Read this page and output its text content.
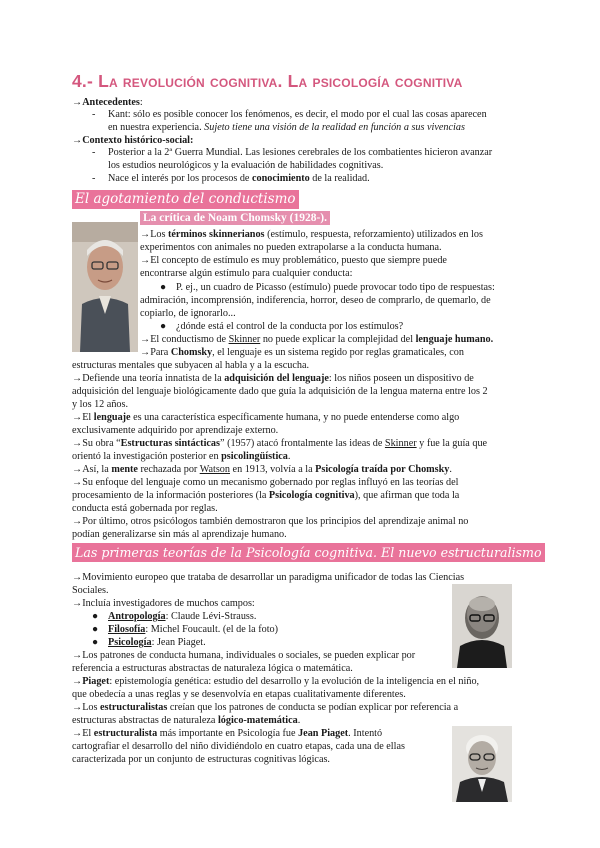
4.- La revolución cognitiva. La psicología cognitiva
→Antecedentes:
- Kant: sólo es posible conocer los fenómenos, es decir, el modo por el cual las cosas aparecen
en nuestra experiencia. Sujeto tiene una visión de la realidad en función a sus vivencias
→Contexto histórico-social:
- Posterior a la 2ª Guerra Mundial. Las lesiones cerebrales de los combatientes hicieron avanzar
los estudios neurológicos y la evaluación de habilidades cognitivas.
- Nace el interés por los procesos de conocimiento de la realidad.
El agotamiento del conductismo
La crítica de Noam Chomsky (1928-).
→Los términos skinnerianos (estímulo, respuesta, reforzamiento) utilizados en los
experimentos con animales no pueden extrapolarse a la conducta humana.
→El concepto de estímulo es muy problemático, puesto que siempre puede
encontrarse algún estímulo para cualquier conducta:
● P. ej., un cuadro de Picasso (estímulo) puede provocar todo tipo de respuestas:
admiración, incomprensión, indiferencia, horror, deseo de comprarlo, de quemarlo, de
copiarlo, de ignorarlo...
● ¿dónde está el control de la conducta por los estímulos?
→El conductismo de Skinner no puede explicar la complejidad del lenguaje humano.
→Para Chomsky, el lenguaje es un sistema regido por reglas gramaticales, con
estructuras mentales que subyacen al habla y a la escucha.
→Defiende una teoría innatista de la adquisición del lenguaje: los niños poseen un dispositivo de
adquisición del lenguaje biológicamente dado que guía la adquisición de la lengua materna entre los 2
y los 12 años.
→El lenguaje es una característica específicamente humana, y no puede entenderse como algo
exclusivamente adquirido por aprendizaje externo.
→Su obra “Estructuras sintácticas” (1957) atacó frontalmente las ideas de Skinner y fue la guía que
orientó la investigación posterior en psicolingüística.
→Así, la mente rechazada por Watson en 1913, volvía a la Psicología traída por Chomsky.
→Su enfoque del lenguaje como un mecanismo gobernado por reglas influyó en las teorías del
procesamiento de la información posteriores (la Psicología cognitiva), que afirman que toda la
conducta está gobernada por reglas.
→Por último, otros psicólogos también demostraron que los principios del aprendizaje animal no
podían generalizarse sin más al aprendizaje humano.
Las primeras teorías de la Psicología cognitiva. El nuevo estructuralismo
→Movimiento europeo que trataba de desarrollar un paradigma unificador de todas las Ciencias
Sociales.
→Incluía investigadores de muchos campos:
● Antropología: Claude Lévi-Strauss.
● Filosofía: Michel Foucault. (el de la foto)
● Psicología: Jean Piaget.
→Los patrones de conducta humana, individuales o sociales, se pueden explicar por
referencia a estructuras abstractas de naturaleza lógica o matemática.
→Piaget: epistemología genética: estudio del desarrollo y la evolución de la inteligencia en el niño,
que obedecía a unas reglas y se desenvolvía en etapas cualitativamente diferentes.
→Los estructuralistas creían que los patrones de conducta se podían explicar por referencia a
estructuras abstractas de naturaleza lógico-matemática.
→El estructuralista más importante en Psicología fue Jean Piaget. Intentó
cartografiar el desarrollo del niño dividiéndolo en cuatro etapas, cada una de ellas
caracterizada por un conjunto de estructuras cognitivas lógicas.
